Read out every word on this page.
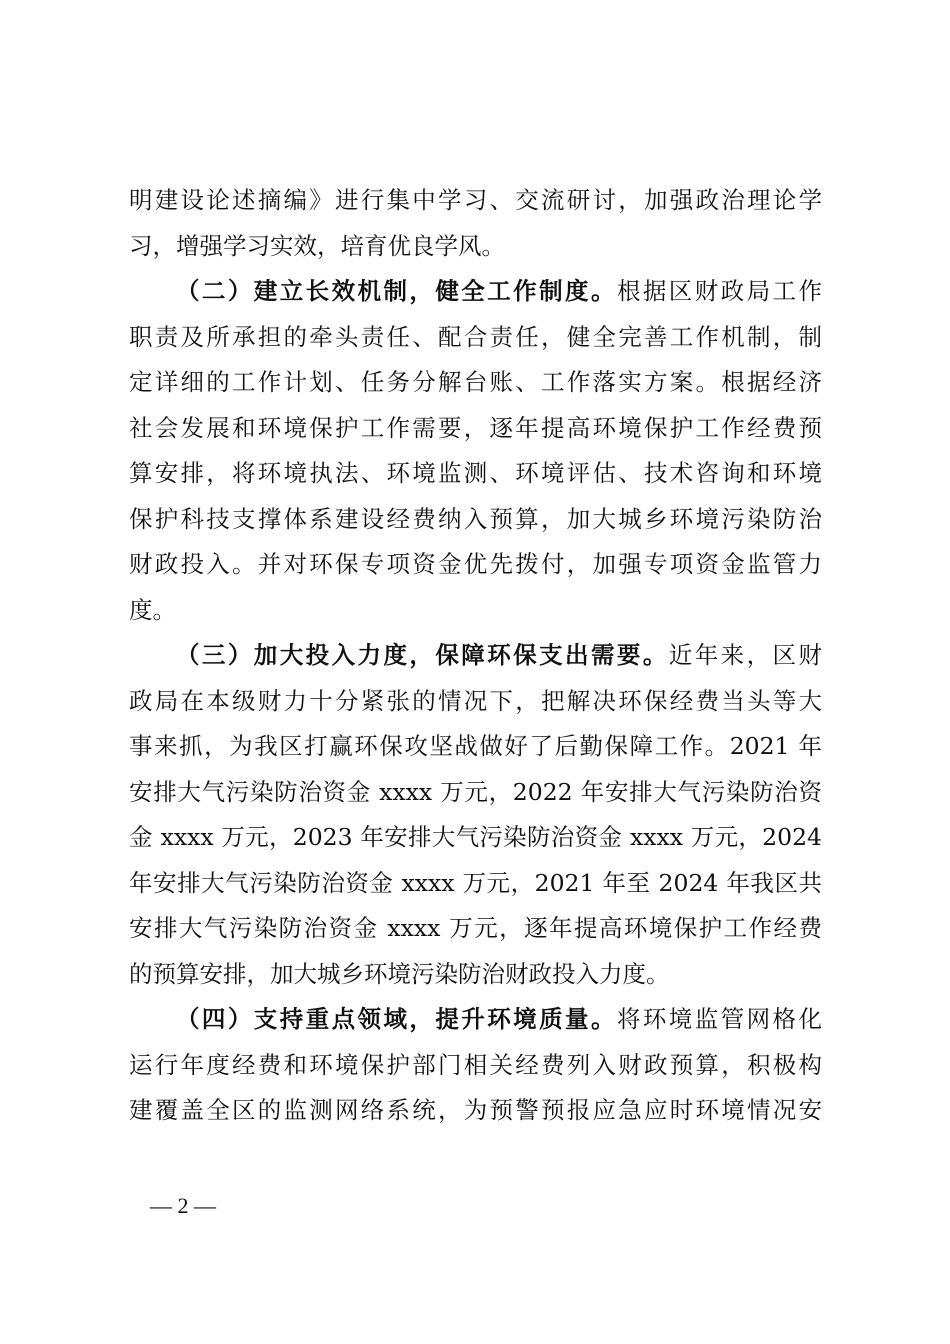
明建设论述摘编》进行集中学习、交流研讨，加强政治理论学
习，增强学习实效，培育优良学风。
（二）建立长效机制，健全工作制度。根据区财政局工作
职责及所承担的牵头责任、配合责任，健全完善工作机制，制
定详细的工作计划、任务分解台账、工作落实方案。根据经济
社会发展和环境保护工作需要，逐年提高环境保护工作经费预
算安排，将环境执法、环境监测、环境评估、技术咨询和环境
保护科技支撑体系建设经费纳入预算，加大城乡环境污染防治
财政投入。并对环保专项资金优先拨付，加强专项资金监管力
度。
（三）加大投入力度，保障环保支出需要。近年来，区财
政局在本级财力十分紧张的情况下，把解决环保经费当头等大
事来抓，为我区打赢环保攻坚战做好了后勤保障工作。2021 年
安排大气污染防治资金 xxxx 万元，2022 年安排大气污染防治资
金 xxxx 万元，2023 年安排大气污染防治资金 xxxx 万元，2024
年安排大气污染防治资金 xxxx 万元，2021 年至 2024 年我区共
安排大气污染防治资金 xxxx 万元，逐年提高环境保护工作经费
的预算安排，加大城乡环境污染防治财政投入力度。
（四）支持重点领域，提升环境质量。将环境监管网格化
运行年度经费和环境保护部门相关经费列入财政预算，积极构
建覆盖全区的监测网络系统，为预警预报应急应时环境情况安
— 2 —
